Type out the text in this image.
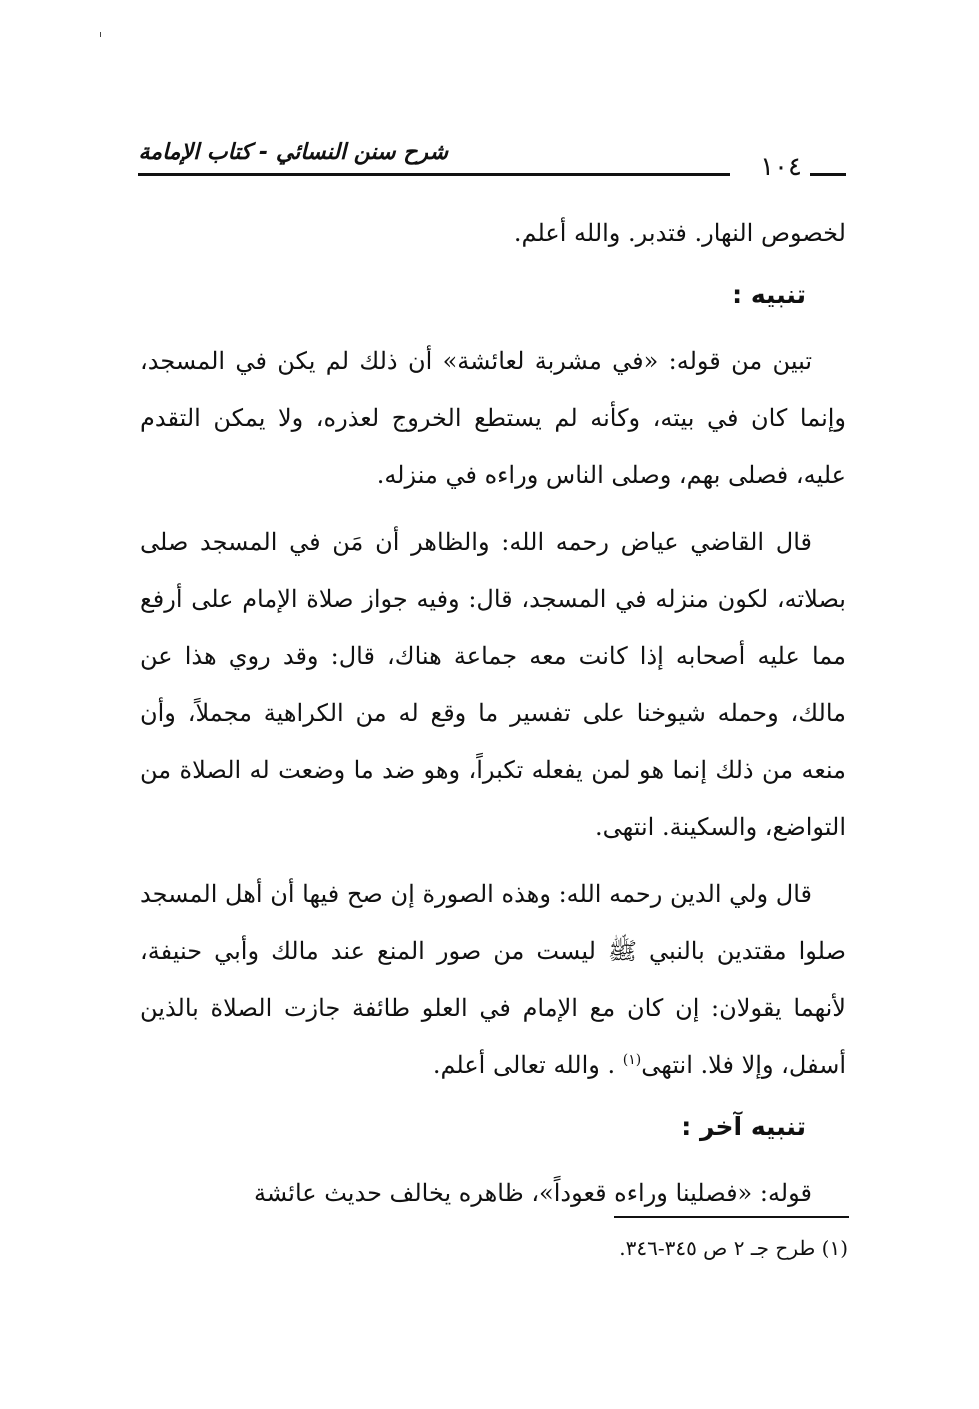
شرح سنن النسائي - كتاب الإمامة	١٠٤

لخصوص النهار. فتدبر. والله أعلم.

تنبيه :

تبين من قوله: «في مشربة لعائشة» أن ذلك لم يكن في المسجد، وإنما كان في بيته، وكأنه لم يستطع الخروج لعذره، ولا يمكن التقدم عليه، فصلى بهم، وصلى الناس وراءه في منزله.

قال القاضي عياض رحمه الله: والظاهر أن مَن في المسجد صلى بصلاته، لكون منزله في المسجد، قال: وفيه جواز صلاة الإمام على أرفع مما عليه أصحابه إذا كانت معه جماعة هناك، قال: وقد روي هذا عن مالك، وحمله شيوخنا على تفسير ما وقع له من الكراهية مجملاً، وأن منعه من ذلك إنما هو لمن يفعله تكبراً، وهو ضد ما وضعت له الصلاة من التواضع، والسكينة. انتهى.

قال ولي الدين رحمه الله: وهذه الصورة إن صح فيها أن أهل المسجد صلوا مقتدين بالنبي ﷺ ليست من صور المنع عند مالك وأبي حنيفة، لأنهما يقولان: إن كان مع الإمام في العلو طائفة جازت الصلاة بالذين أسفل، وإلا فلا. انتهى$^{(١)}$ . والله تعالى أعلم.

تنبيه آخر :

قوله: «فصلينا وراءه قعوداً»، ظاهره يخالف حديث عائشة

(١) طرح جـ ٢ ص ٣٤٥-٣٤٦.
